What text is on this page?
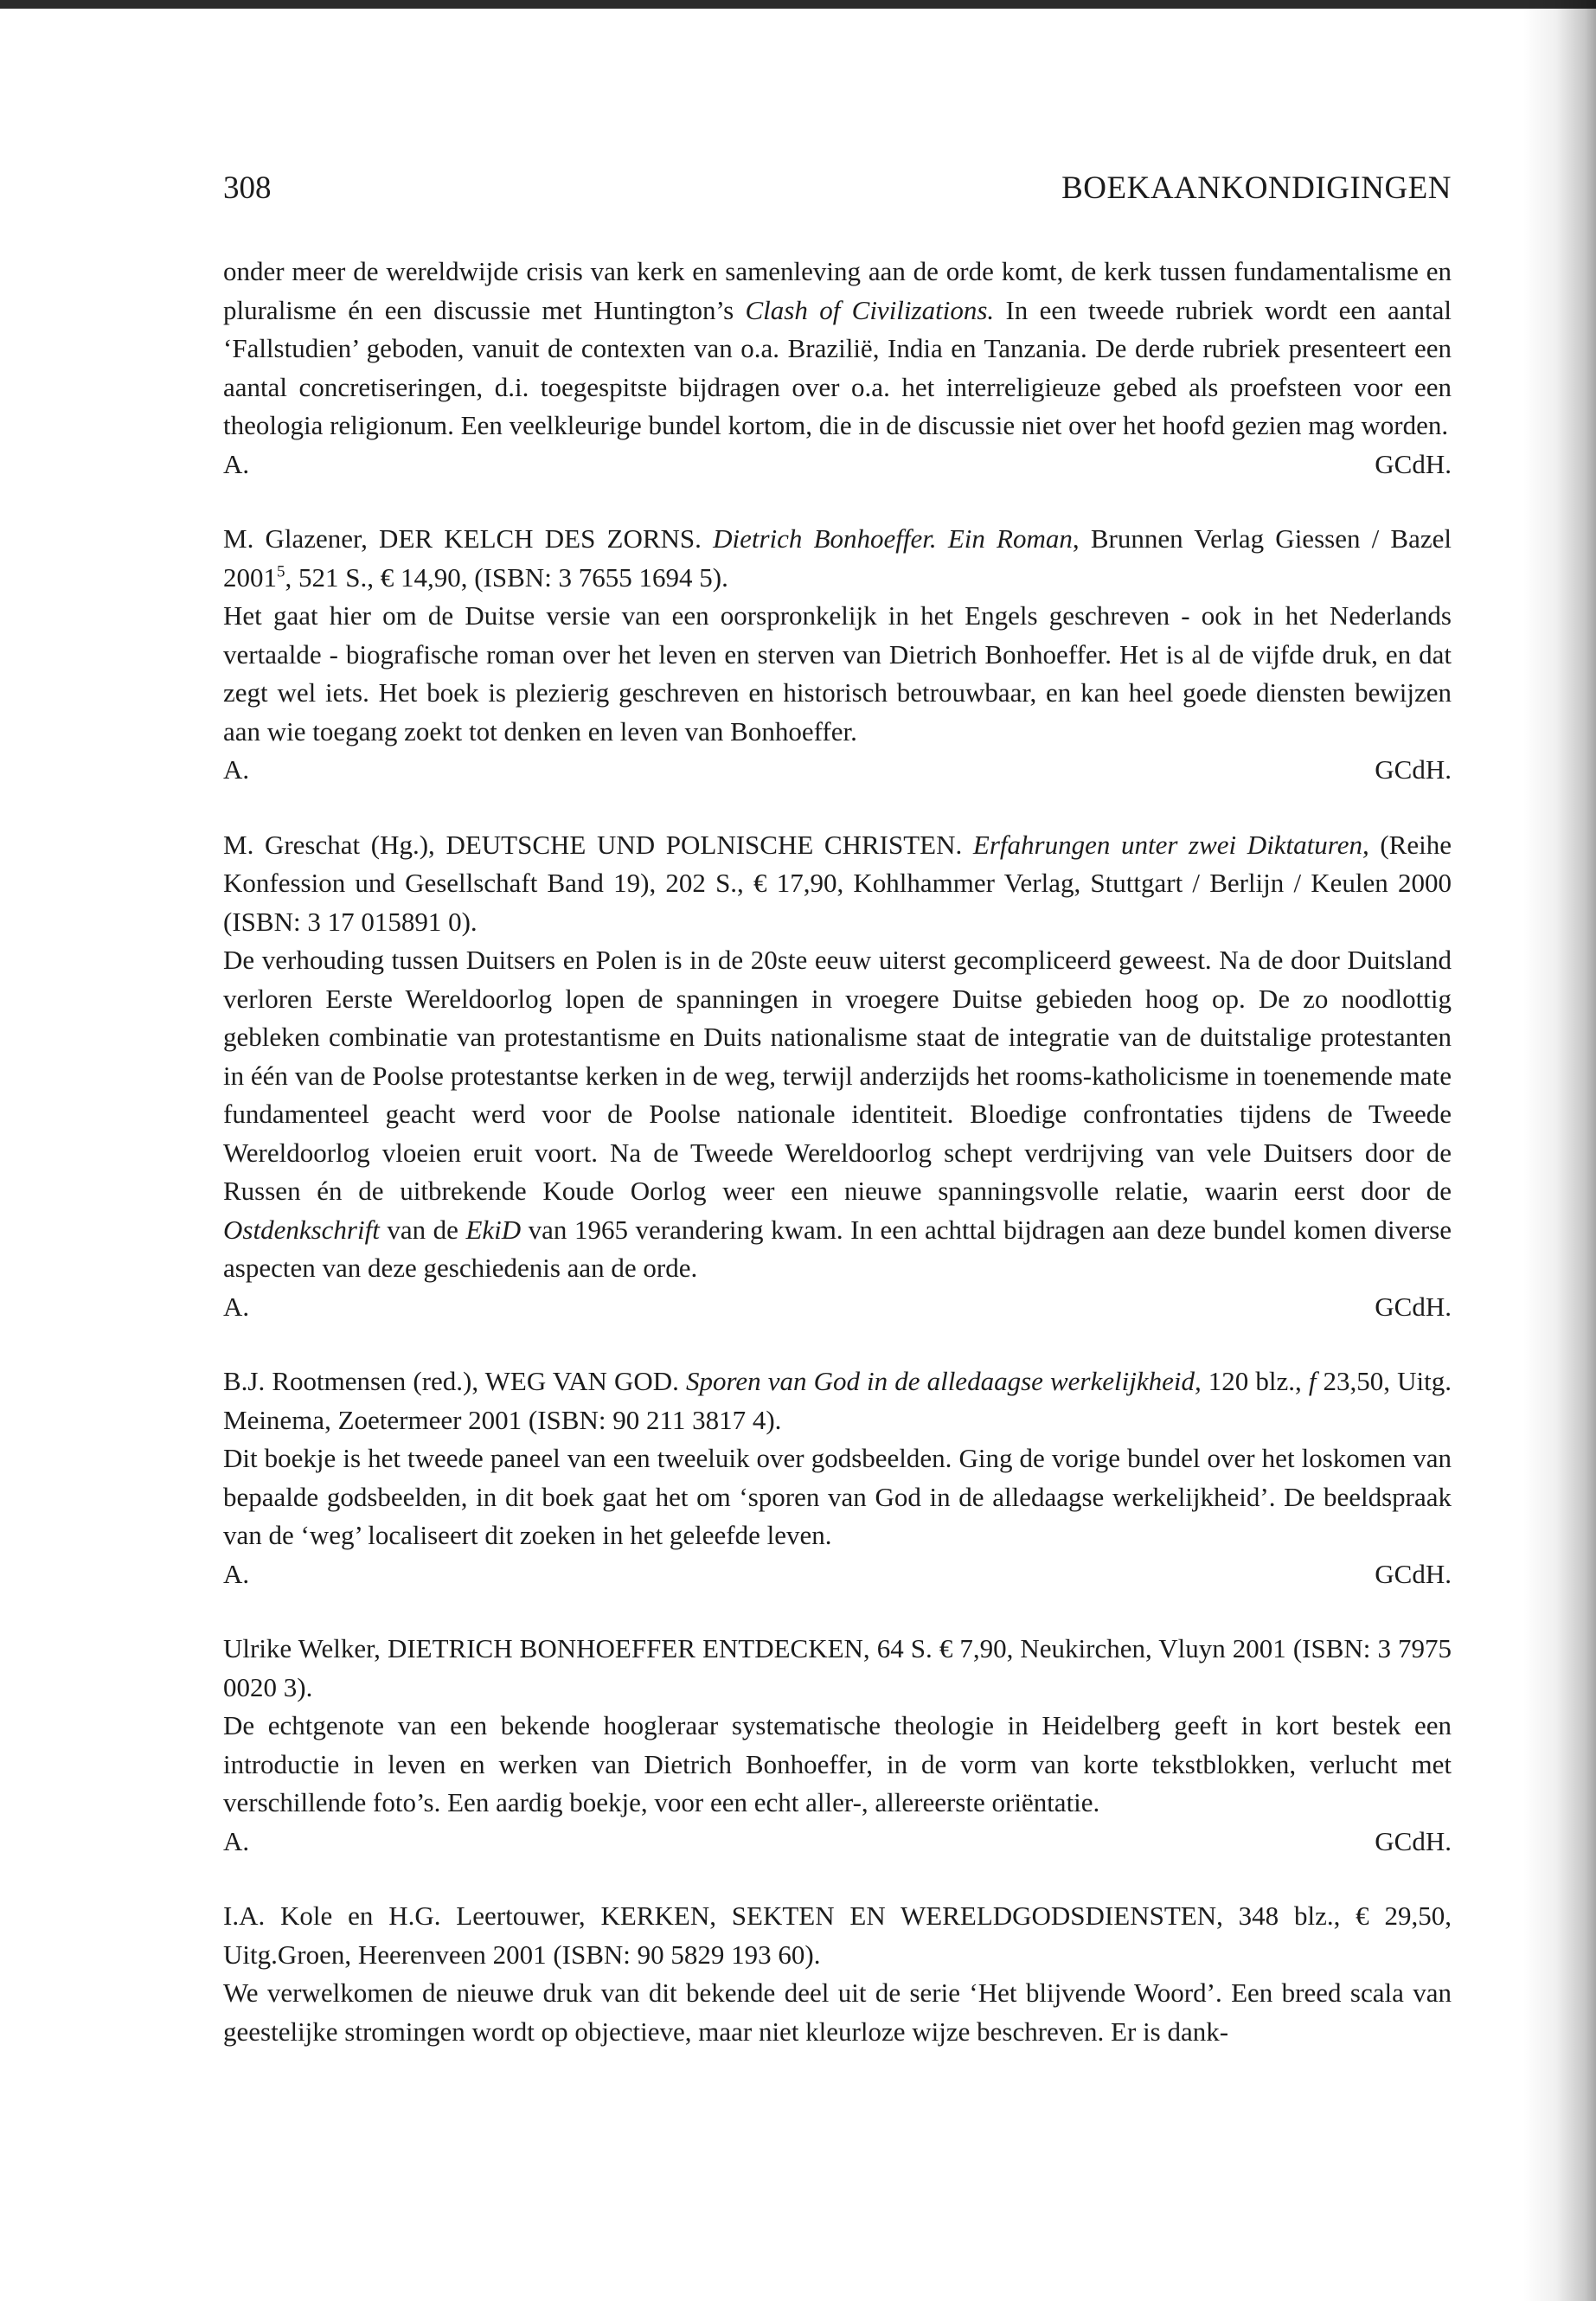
308	BOEKAANKONDIGINGEN

onder meer de wereldwijde crisis van kerk en samenleving aan de orde komt, de kerk tussen fundamentalisme en pluralisme én een discussie met Huntington’s Clash of Civilizations. In een tweede rubriek wordt een aantal ‘Fallstudien’ geboden, vanuit de contexten van o.a. Brazilië, India en Tanzania. De derde rubriek presenteert een aantal concretiseringen, d.i. toegespitste bijdragen over o.a. het interreligieuze gebed als proefsteen voor een theologia religionum. Een veelkleurige bundel kortom, die in de discussie niet over het hoofd gezien mag worden.

A.	GCdH.

M. Glazener, DER KELCH DES ZORNS. Dietrich Bonhoeffer. Ein Roman, Brunnen Verlag Giessen / Bazel 2001$^5$, 521 S., € 14,90, (ISBN: 3 7655 1694 5).

Het gaat hier om de Duitse versie van een oorspronkelijk in het Engels geschreven - ook in het Nederlands vertaalde - biografische roman over het leven en sterven van Dietrich Bonhoeffer. Het is al de vijfde druk, en dat zegt wel iets. Het boek is plezierig geschreven en historisch betrouwbaar, en kan heel goede diensten bewijzen aan wie toegang zoekt tot denken en leven van Bonhoeffer.

A.	GCdH.

M. Greschat (Hg.), DEUTSCHE UND POLNISCHE CHRISTEN. Erfahrungen unter zwei Diktaturen, (Reihe Konfession und Gesellschaft Band 19), 202 S., € 17,90, Kohlhammer Verlag, Stuttgart / Berlijn / Keulen 2000 (ISBN: 3 17 015891 0).

De verhouding tussen Duitsers en Polen is in de 20ste eeuw uiterst gecompliceerd geweest. Na de door Duitsland verloren Eerste Wereldoorlog lopen de spanningen in vroegere Duitse gebieden hoog op. De zo noodlottig gebleken combinatie van protestantisme en Duits nationalisme staat de integratie van de duitstalige protestanten in één van de Poolse protestantse kerken in de weg, terwijl anderzijds het rooms-katholicisme in toenemende mate fundamenteel geacht werd voor de Poolse nationale identiteit. Bloedige confrontaties tijdens de Tweede Wereldoorlog vloeien eruit voort. Na de Tweede Wereldoorlog schept verdrijving van vele Duitsers door de Russen én de uitbrekende Koude Oorlog weer een nieuwe spanningsvolle relatie, waarin eerst door de Ostdenkschrift van de EkiD van 1965 verandering kwam. In een achttal bijdragen aan deze bundel komen diverse aspecten van deze geschiedenis aan de orde.

A.	GCdH.

B.J. Rootmensen (red.), WEG VAN GOD. Sporen van God in de alledaagse werkelijkheid, 120 blz., f 23,50, Uitg. Meinema, Zoetermeer 2001 (ISBN: 90 211 3817 4).

Dit boekje is het tweede paneel van een tweeluik over godsbeelden. Ging de vorige bundel over het loskomen van bepaalde godsbeelden, in dit boek gaat het om ‘sporen van God in de alledaagse werkelijkheid’. De beeldspraak van de ‘weg’ localiseert dit zoeken in het geleefde leven.

A.	GCdH.

Ulrike Welker, DIETRICH BONHOEFFER ENTDECKEN, 64 S. € 7,90, Neukirchen, Vluyn 2001 (ISBN: 3 7975 0020 3).

De echtgenote van een bekende hoogleraar systematische theologie in Heidelberg geeft in kort bestek een introductie in leven en werken van Dietrich Bonhoeffer, in de vorm van korte tekstblokken, verlucht met verschillende foto’s. Een aardig boekje, voor een echt aller-, allereerste oriëntatie.

A.	GCdH.

I.A. Kole en H.G. Leertouwer, KERKEN, SEKTEN EN WERELDGODSDIENSTEN, 348 blz., € 29,50, Uitg.Groen, Heerenveen 2001 (ISBN: 90 5829 193 60).

We verwelkomen de nieuwe druk van dit bekende deel uit de serie ‘Het blijvende Woord’. Een breed scala van geestelijke stromingen wordt op objectieve, maar niet kleurloze wijze beschreven. Er is dank-
